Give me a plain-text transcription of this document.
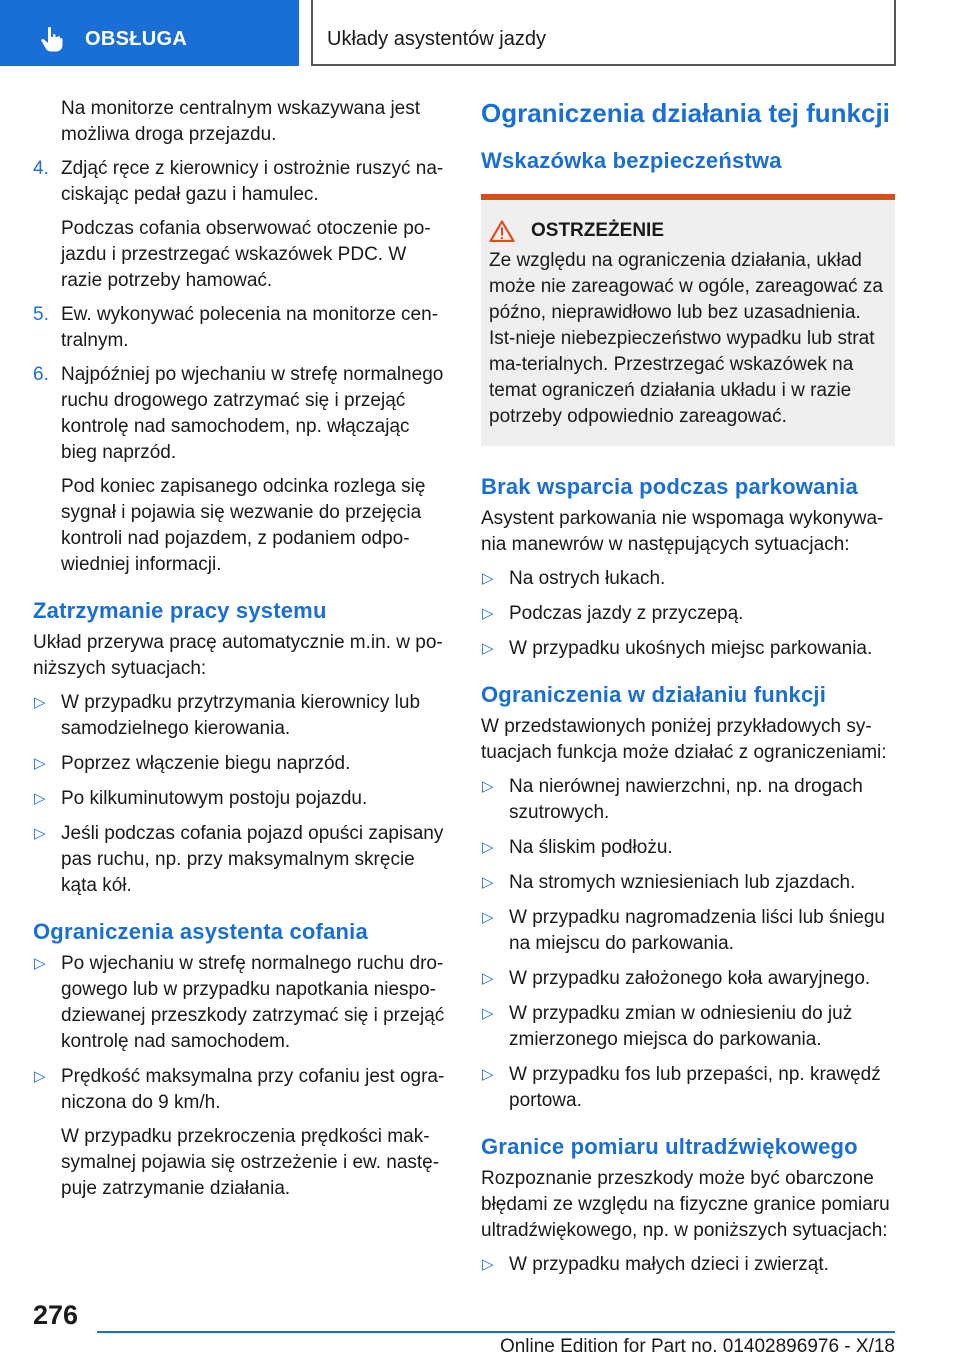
OBSŁUGA	Układy asystentów jazdy

Na monitorze centralnym wskazywana jest możliwa droga przejazdu.

4. Zdjąć ręce z kierownicy i ostrożnie ruszyć na-ciskając pedał gazu i hamulec.
Podczas cofania obserwować otoczenie po-jazdu i przestrzegać wskazówek PDC. W razie potrzeby hamować.
5. Ew. wykonywać polecenia na monitorze cen-tralnym.
6. Najpóźniej po wjechaniu w strefę normalnego ruchu drogowego zatrzymać się i przejąć kontrolę nad samochodem, np. włączając bieg naprzód.
Pod koniec zapisanego odcinka rozlega się sygnał i pojawia się wezwanie do przejęcia kontroli nad pojazdem, z podaniem odpo-wiedniej informacji.
Zatrzymanie pracy systemu

Układ przerywa pracę automatycznie m.in. w po-niższych sytuacjach:

▷ W przypadku przytrzymania kierownicy lub samodzielnego kierowania.
▷ Poprzez włączenie biegu naprzód.
▷ Po kilkuminutowym postoju pojazdu.
▷ Jeśli podczas cofania pojazd opuści zapisany pas ruchu, np. przy maksymalnym skręcie kąta kół.
Ograniczenia asystenta cofania
▷ Po wjechaniu w strefę normalnego ruchu dro-gowego lub w przypadku napotkania niespo-dziewanej przeszkody zatrzymać się i przejąć kontrolę nad samochodem.
▷ Prędkość maksymalna przy cofaniu jest ogra-niczona do 9 km/h.
W przypadku przekroczenia prędkości mak-symalnej pojawia się ostrzeżenie i ew. nastę-puje zatrzymanie działania.
Ograniczenia działania tej funkcji
Wskazówka bezpieczeństwa
OSTRZEŻENIE

Ze względu na ograniczenia działania, układ może nie zareagować w ogóle, zareagować za późno, nieprawidłowo lub bez uzasadnienia. Ist-nieje niebezpieczeństwo wypadku lub strat ma-terialnych. Przestrzegać wskazówek na temat ograniczeń działania układu i w razie potrzeby odpowiednio zareagować.

Brak wsparcia podczas parkowania

Asystent parkowania nie wspomaga wykonywa-nia manewrów w następujących sytuacjach:

▷ Na ostrych łukach.
▷ Podczas jazdy z przyczepą.
▷ W przypadku ukośnych miejsc parkowania.
Ograniczenia w działaniu funkcji

W przedstawionych poniżej przykładowych sy-tuacjach funkcja może działać z ograniczeniami:

▷ Na nierównej nawierzchni, np. na drogach szutrowych.
▷ Na śliskim podłożu.
▷ Na stromych wzniesieniach lub zjazdach.
▷ W przypadku nagromadzenia liści lub śniegu na miejscu do parkowania.
▷ W przypadku założonego koła awaryjnego.
▷ W przypadku zmian w odniesieniu do już zmierzonego miejsca do parkowania.
▷ W przypadku fos lub przepaści, np. krawędź portowa.
Granice pomiaru ultradźwiękowego

Rozpoznanie przeszkody może być obarczone błędami ze względu na fizyczne granice pomiaru ultradźwiękowego, np. w poniższych sytuacjach:

▷ W przypadku małych dzieci i zwierząt.
276
Online Edition for Part no. 01402896976 - X/18
